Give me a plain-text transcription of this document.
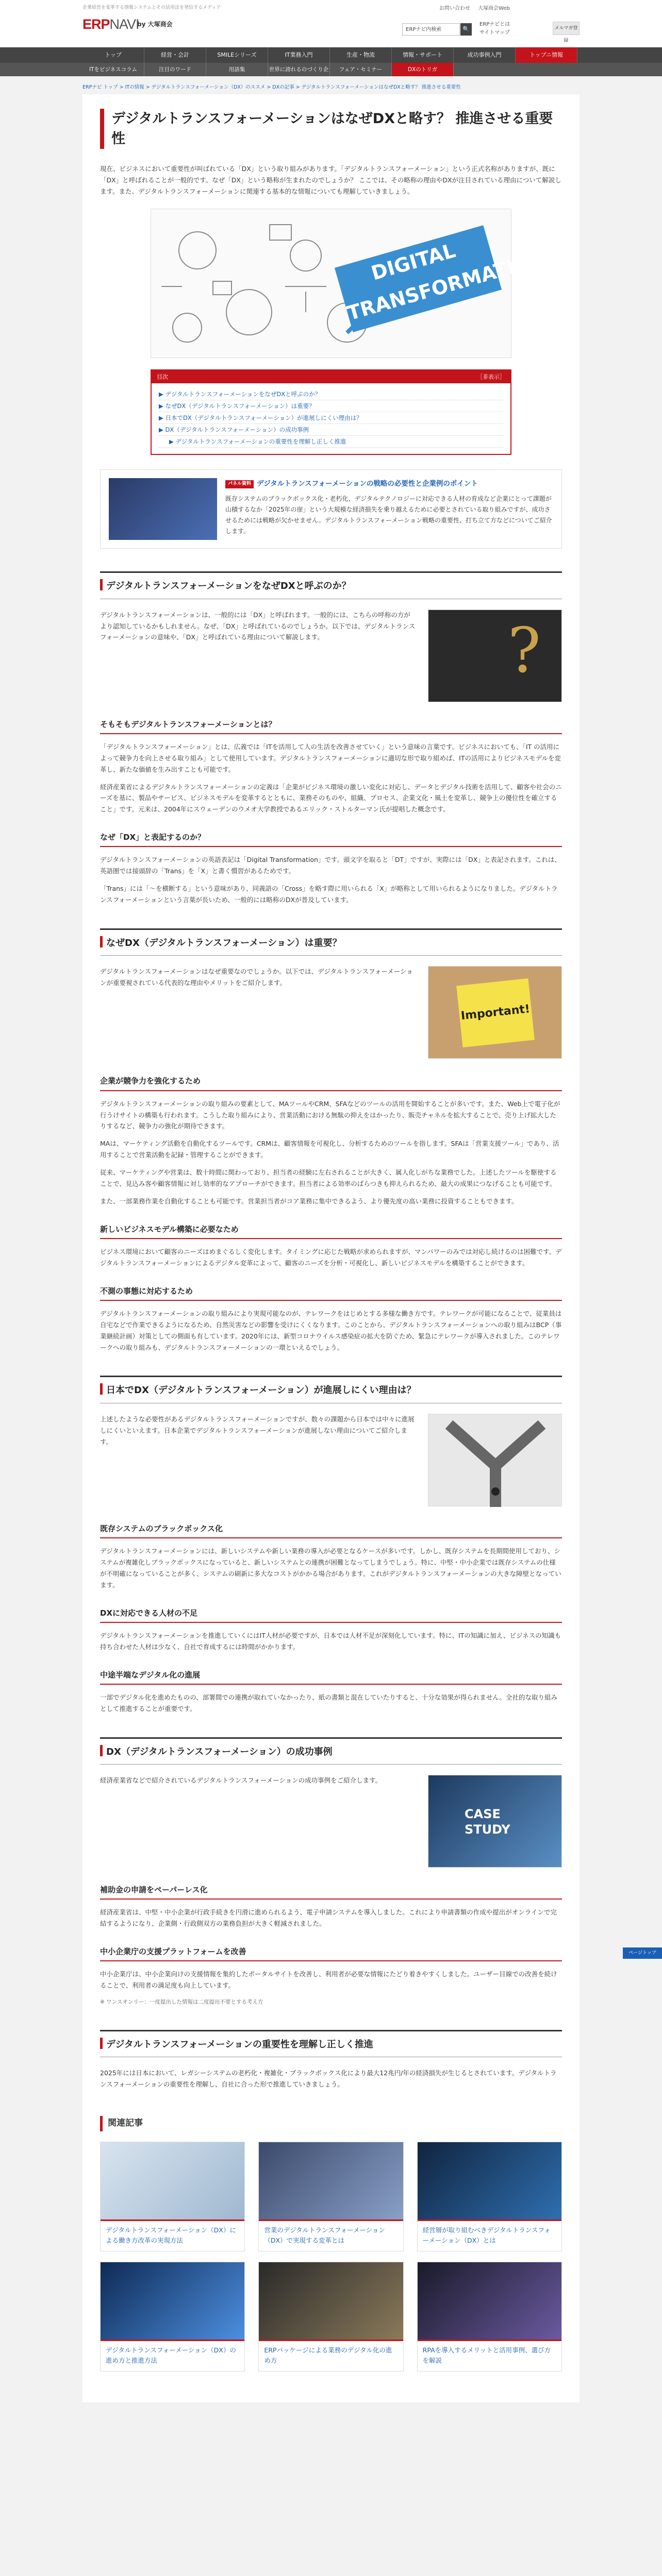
企業経営を変革する情報システムとその活用法を発信するメディア
ERPNAVI
by 大塚商会
お問い合わせ 大塚商会Web
ERPナビ内検索	🔍
ERPナビとは
サイトマップ
メルマガ登録
トップ	経営・会計	SMILEシリーズ	IT業務入門	生産・物流	情報・サポート	成功事例入門	トップニ情報
ITをビジネスコラム	注目のワード	用語集	世界に誇れるのづくり企業
フェア・セミナー	DXのトリガ
ERPナビ トップ > ITの情報 > デジタルトランスフォーメーション（DX）のススメ > DXの記事 > デジタルトランスフォーメーションはなぜDXと略す？ 推進させる重要性
デジタルトランスフォーメーションはなぜDXと略す？ 推進させる重要性
現在、ビジネスにおいて重要性が叫ばれている「DX」という取り組みがあります。「デジタルトランスフォーメーション」という正式名称がありますが、既に「DX」と呼ばれることが一般的です。なぜ「DX」という略称が生まれたのでしょうか？ ここでは、その略称の理由やDXが注目されている理由について解説します。また、デジタルトランスフォーメーションに関連する基本的な情報についても理解していきましょう。
DIGITAL TRANSFORMATION
目次	［非表示］
▶ デジタルトランスフォーメーションをなぜDXと呼ぶのか？
▶ なぜDX（デジタルトランスフォーメーション）は重要？
▶ 日本でDX（デジタルトランスフォーメーション）が進展しにくい理由は？
▶ DX（デジタルトランスフォーメーション）の成功事例
▶ デジタルトランスフォーメーションの重要性を理解し正しく推進
パネル資料 デジタルトランスフォーメーションの戦略の必要性と企業例のポイント
既存システムのブラックボックス化・老朽化、デジタルテクノロジーに対応できる人材の育成など企業にとって課題が山積するなか「2025年の崖」という大規模な経済損失を乗り越えるために必要とされている取り組みですが、成功させるためには戦略が欠かせません。デジタルトランスフォーメーション戦略の重要性、打ち立て方などについてご紹介します。
デジタルトランスフォーメーションをなぜDXと呼ぶのか？
デジタルトランスフォーメーションは、一般的には「DX」と呼ばれます。一般的には、こちらの呼称の方がより認知しているかもしれません。なぜ、「DX」と呼ばれているのでしょうか。以下では、デジタルトランスフォーメーションの意味や、「DX」と呼ばれている理由について解説します。	?
そもそもデジタルトランスフォーメーションとは？

「デジタルトランスフォーメーション」とは、広義では「ITを活用して人の生活を改善させていく」という意味の言葉です。ビジネスにおいても、「IT の活用によって競争力を向上させる取り組み」として使用しています。デジタルトランスフォーメーションに適切な形で取り組めば、ITの活用によりビジネスモデルを変革し、新たな価値を生み出すことも可能です。

経済産業省によるデジタルトランスフォーメーションの定義は「企業がビジネス環境の激しい変化に対応し、データとデジタル技術を活用して、顧客や社会のニーズを基に、製品やサービス、ビジネスモデルを変革するとともに、業務そのものや、組織、プロセス、企業文化・風土を変革し、競争上の優位性を確立すること」です。元来は、2004年にスウェーデンのウメオ大学教授であるエリック・ストルターマン氏が提唱した概念です。

なぜ「DX」と表記するのか？

デジタルトランスフォーメーションの英語表記は「Digital Transformation」です。頭文字を取ると「DT」ですが、実際には「DX」と表記されます。これは、英語圏では接頭辞の「Trans」を「X」と書く慣習があるためです。

「Trans」には「〜を横断する」という意味があり、同義語の「Cross」を略す際に用いられる「X」が略称として用いられるようになりました。デジタルトランスフォーメーションという言葉が長いため、一般的には略称のDXが普及しています。

なぜDX（デジタルトランスフォーメーション）は重要？
デジタルトランスフォーメーションはなぜ重要なのでしょうか。以下では、デジタルトランスフォーメーションが重要視されている代表的な理由やメリットをご紹介します。
Important!
企業が競争力を強化するため

デジタルトランスフォーメーションの取り組みの要素として、MAツールやCRM、SFAなどのツールの活用を開始することが多いです。また、Web上で電子化が行うけサイトの構築も行われます。こうした取り組みにより、営業活動における無駄の抑えをはかったり、販売チャネルを拡大することで、売り上げ拡大したりするなど、競争力の強化が期待できます。

MAは、マーケティング活動を自動化するツールです。CRMは、顧客情報を可視化し、分析するためのツールを指します。SFAは「営業支援ツール」であり、活用することで営業活動を記録・管理することができます。

従来、マーケティングや営業は、数十時間に関わっており、担当者の経験に左右されることが大きく、属人化しがちな業務でした。上述したツールを駆使することで、見込み客や顧客情報に対し効率的なアプローチができます。担当者による効率のばらつきも抑えられるため、最大の成果につなげることも可能です。

また、一部業務作業を自動化することも可能です。営業担当者がコア業務に集中できるよう、より優先度の高い業務に投資することもできます。

新しいビジネスモデル構築に必要なため

ビジネス環境において顧客のニーズはめまぐるしく変化します。タイミングに応じた戦略が求められますが、マンパワーのみでは対応し続けるのは困難です。デジタルトランスフォーメーションによるデジタル変革によって、顧客のニーズを分析・可視化し、新しいビジネスモデルを構築することができます。

不測の事態に対応するため

デジタルトランスフォーメーションの取り組みにより実現可能なのが、テレワークをはじめとする多様な働き方です。テレワークが可能になることで、従業員は自宅などで作業できるようになるため、自然災害などの影響を受けにくくなります。このことから、デジタルトランスフォーメーションへの取り組みはBCP（事業継続計画）対策としての側面も有しています。2020年には、新型コロナウイルス感染症の拡大を防ぐため、緊急にテレワークが導入されました。このテレワークへの取り組みも、デジタルトランスフォーメーションの一環といえるでしょう。

日本でDX（デジタルトランスフォーメーション）が進展しにくい理由は？
上述したような必要性があるデジタルトランスフォーメーションですが、数々の課題から日本では中々に進展しにくいといえます。日本企業でデジタルトランスフォーメーションが進展しない理由についてご紹介します。
既存システムのブラックボックス化

デジタルトランスフォーメーションには、新しいシステムや新しい業務の導入が必要となるケースが多いです。しかし、既存システムを長期間使用しており、システムが複雑化しブラックボックスになっていると、新しいシステムとの連携が困難となってしまうでしょう。特に、中堅・中小企業では既存システムの仕様が不明確になっていることが多く、システムの刷新に多大なコストがかかる場合があります。これがデジタルトランスフォーメーションの大きな障壁となっています。

DXに対応できる人材の不足

デジタルトランスフォーメーションを推進していくにはIT人材が必要ですが、日本では人材不足が深刻化しています。特に、ITの知識に加え、ビジネスの知識も持ち合わせた人材は少なく、自社で育成するには時間がかかります。

中途半端なデジタル化の進展

一部でデジタル化を進めたものの、部署間での連携が取れていなかったり、紙の書類と混在していたりすると、十分な効果が得られません。全社的な取り組みとして推進することが重要です。

DX（デジタルトランスフォーメーション）の成功事例
経済産業省などで紹介されているデジタルトランスフォーメーションの成功事例をご紹介します。
CASE
STUDY
補助金の申請をペーパーレス化

経済産業省は、中堅・中小企業が行政手続きを円滑に進められるよう、電子申請システムを導入しました。これにより申請書類の作成や提出がオンラインで完結するようになり、企業側・行政側双方の業務負担が大きく軽減されました。

中小企業庁の支援プラットフォームを改善

中小企業庁は、中小企業向けの支援情報を集約したポータルサイトを改善し、利用者が必要な情報にたどり着きやすくしました。ユーザー目線での改善を続けることで、利用者の満足度も向上しています。

※ ワンスオンリー：一度提出した情報は二度提出不要とする考え方
デジタルトランスフォーメーションの重要性を理解し正しく推進

2025年には日本において、レガシーシステムの老朽化・複雑化・ブラックボックス化により最大12兆円/年の経済損失が生じるとされています。デジタルトランスフォーメーションの重要性を理解し、自社に合った形で推進していきましょう。

関連記事
デジタルトランスフォーメーション（DX）による働き方改革の実現方法
営業のデジタルトランスフォーメーション（DX）で実現する変革とは
経営層が取り組むべきデジタルトランスフォーメーション（DX）とは
デジタルトランスフォーメーション（DX）の進め方と推進方法
ERPパッケージによる業務のデジタル化の進め方
RPAを導入するメリットと活用事例、選び方を解説
ページトップ
